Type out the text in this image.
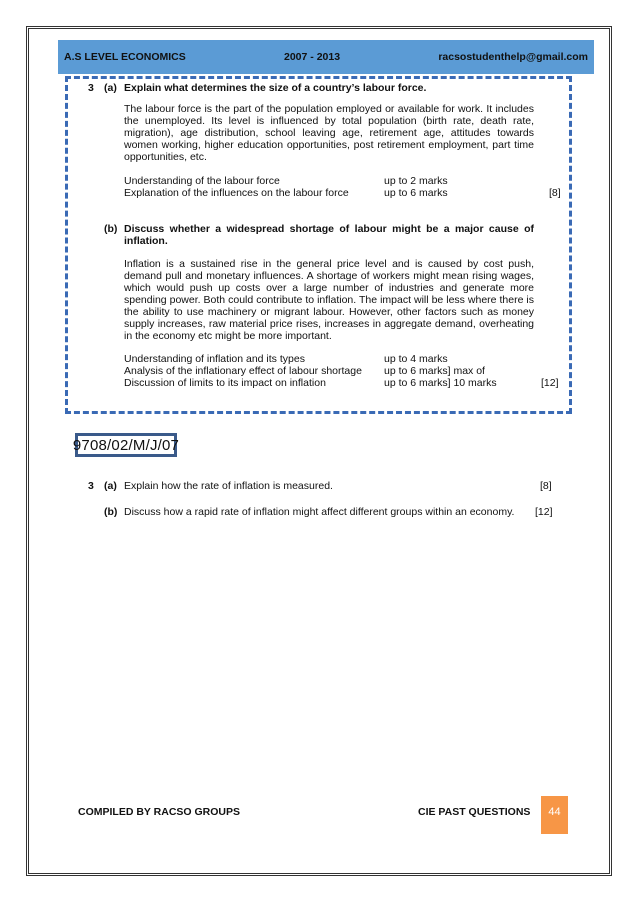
A.S LEVEL ECONOMICS	2007 - 2013	racsostudenthelp@gmail.com
3 (a) Explain what determines the size of a country’s labour force.
The labour force is the part of the population employed or available for work. It includes the unemployed. Its level is influenced by total population (birth rate, death rate, migration), age distribution, school leaving age, retirement age, attitudes towards women working, higher education opportunities, post retirement employment, part time opportunities, etc.
Understanding of the labour force	up to 2 marks
Explanation of the influences on the labour force	up to 6 marks	[8]
(b) Discuss whether a widespread shortage of labour might be a major cause of
inflation.
Inflation is a sustained rise in the general price level and is caused by cost push, demand pull and monetary influences. A shortage of workers might mean rising wages, which would push up costs over a large number of industries and generate more spending power. Both could contribute to inflation. The impact will be less where there is the ability to use machinery or migrant labour. However, other factors such as money supply increases, raw material price rises, increases in aggregate demand, overheating in the economy etc might be more important.
Understanding of inflation and its types	up to 4 marks
Analysis of the inflationary effect of labour shortage up to 6 marks] max of
Discussion of limits to its impact on inflation	up to 6 marks] 10 marks	[12]
9708/02/M/J/07
3 (a) Explain how the rate of inflation is measured.	[8]
(b) Discuss how a rapid rate of inflation might affect different groups within an economy. [12]
COMPILED BY RACSO GROUPS	CIE PAST QUESTIONS	44
